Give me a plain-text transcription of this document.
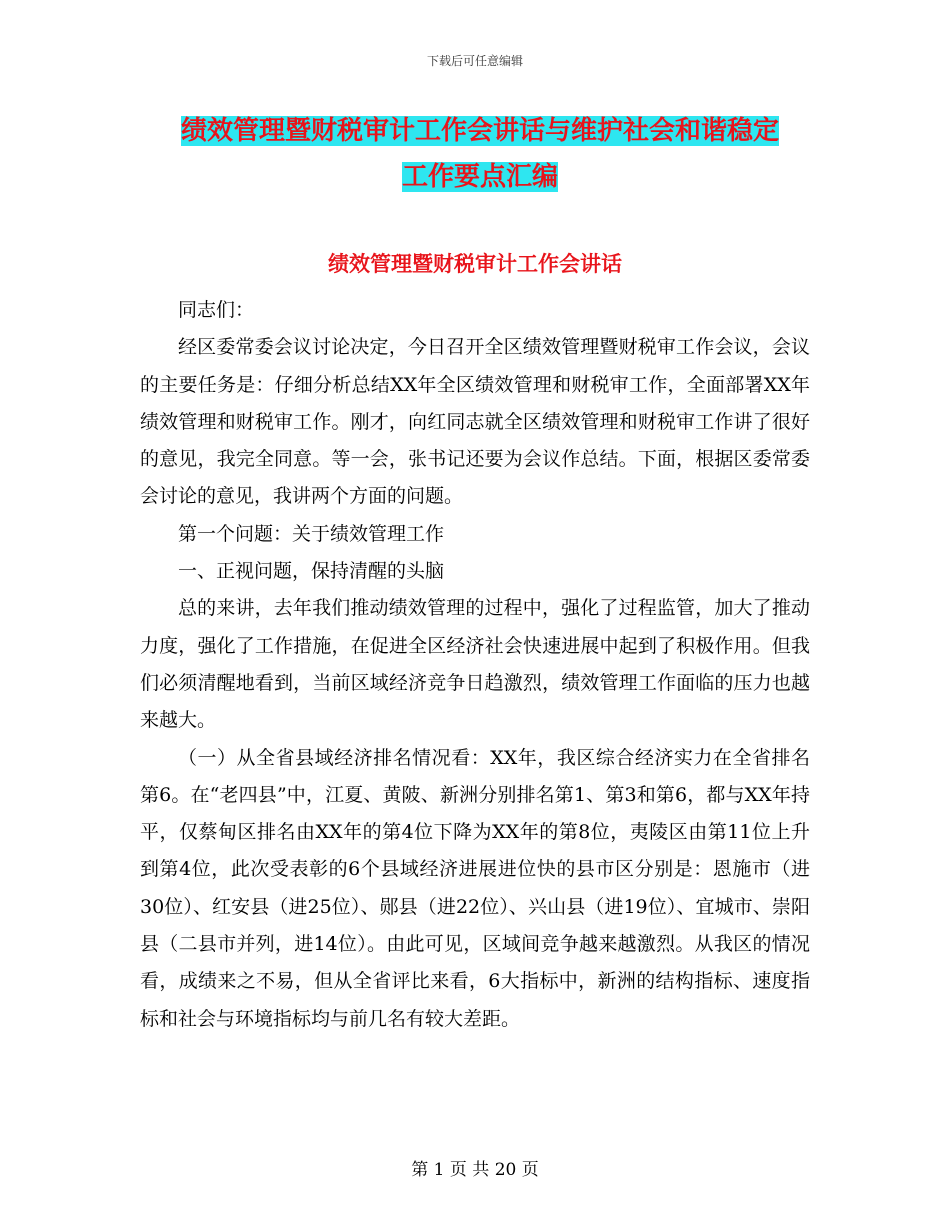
下载后可任意编辑
绩效管理暨财税审计工作会讲话与维护社会和谐稳定
工作要点汇编
绩效管理暨财税审计工作会讲话

同志们：

经区委常委会议讨论决定，今日召开全区绩效管理暨财税审工作会议，会议的主要任务是：仔细分析总结XX年全区绩效管理和财税审工作，全面部署XX年绩效管理和财税审工作。刚才，向红同志就全区绩效管理和财税审工作讲了很好的意见，我完全同意。等一会，张书记还要为会议作总结。下面，根据区委常委会讨论的意见，我讲两个方面的问题。

第一个问题：关于绩效管理工作

一、正视问题，保持清醒的头脑

总的来讲，去年我们推动绩效管理的过程中，强化了过程监管，加大了推动力度，强化了工作措施，在促进全区经济社会快速进展中起到了积极作用。但我们必须清醒地看到，当前区域经济竞争日趋激烈，绩效管理工作面临的压力也越来越大。

（一）从全省县域经济排名情况看：XX年，我区综合经济实力在全省排名第6。在“老四县”中，江夏、黄陂、新洲分别排名第1、第3和第6，都与XX年持平，仅蔡甸区排名由XX年的第4位下降为XX年的第8位，夷陵区由第11位上升到第4位，此次受表彰的6个县域经济进展进位快的县市区分别是：恩施市（进30位）、红安县（进25位）、郧县（进22位）、兴山县（进19位）、宜城市、崇阳县（二县市并列，进14位）。由此可见，区域间竞争越来越激烈。从我区的情况看，成绩来之不易，但从全省评比来看，6大指标中，新洲的结构指标、速度指标和社会与环境指标均与前几名有较大差距。

第 1 页 共 20 页
